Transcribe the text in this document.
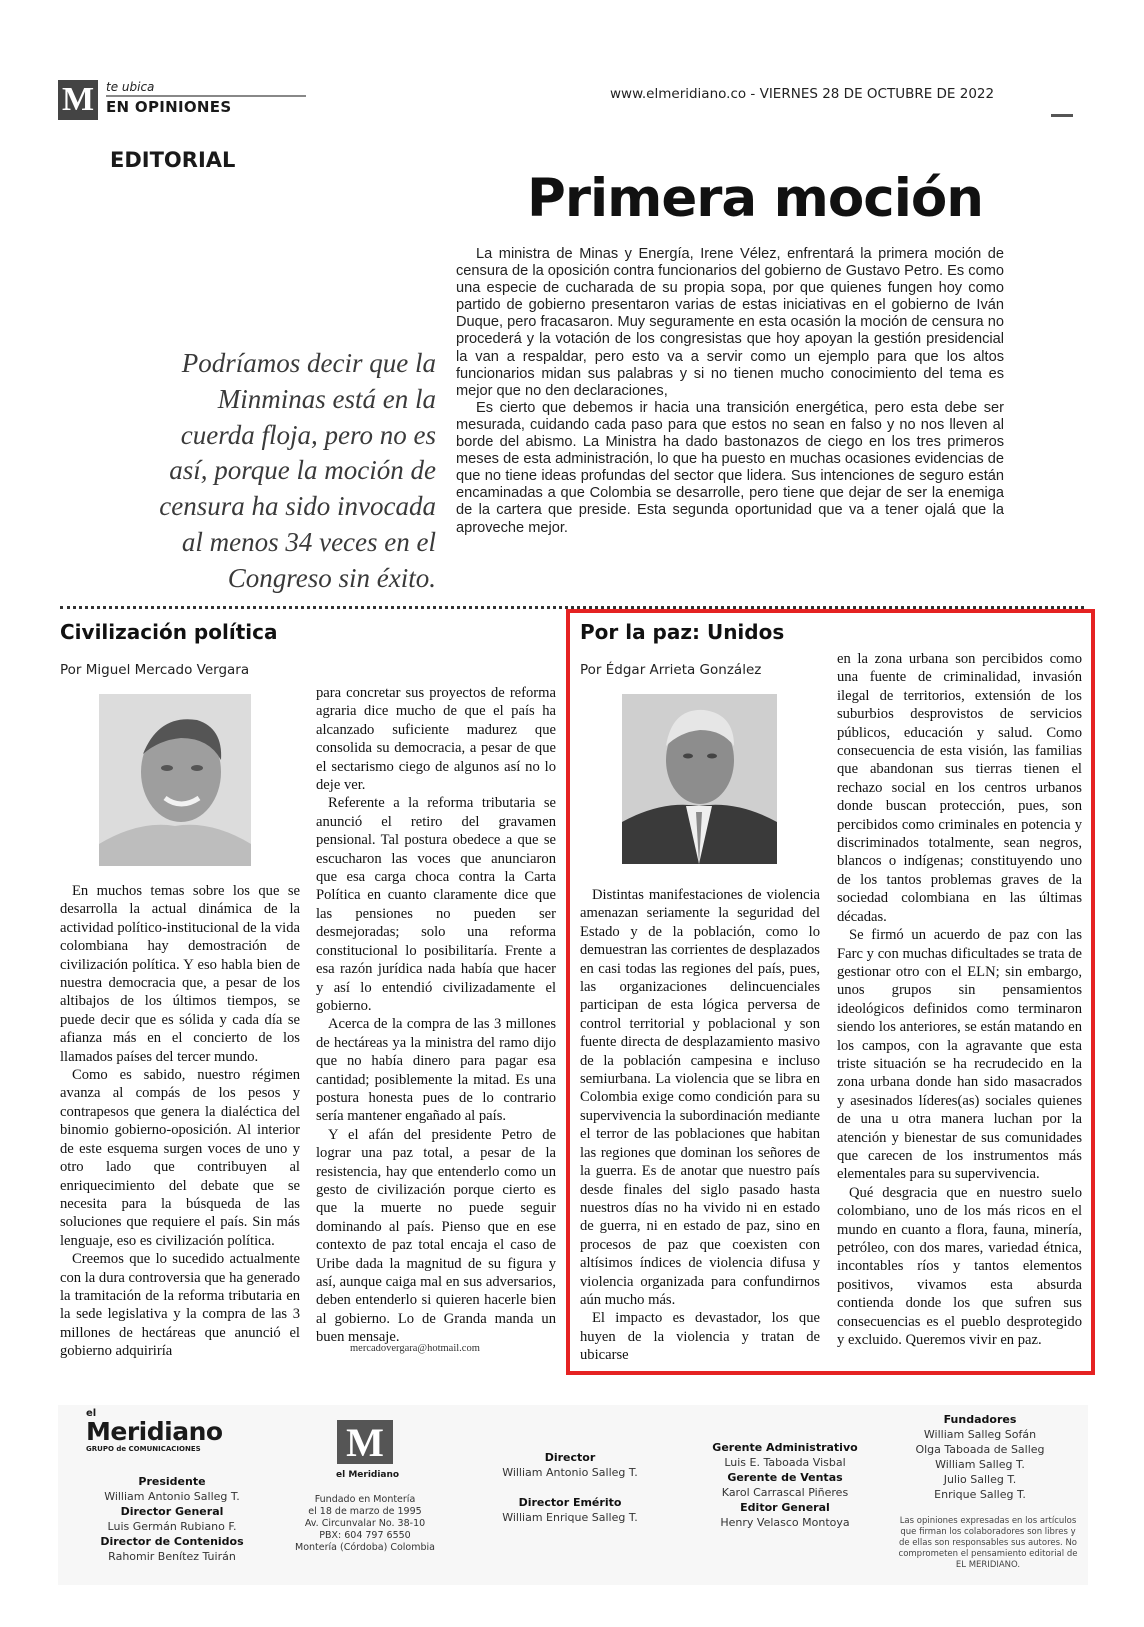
M te ubica
EN OPINIONES
www.elmeridiano.co - VIERNES 28 DE OCTUBRE DE 2022
EDITORIAL
Primera moción

La ministra de Minas y Energía, Irene Vélez, enfrentará la primera moción de censura de la oposición contra funcionarios del gobierno de Gustavo Petro. Es como una especie de cucharada de su propia sopa, por que quienes fungen hoy como partido de gobierno presentaron varias de estas iniciativas en el gobierno de Iván Duque, pero fracasaron. Muy seguramente en esta ocasión la moción de censura no procederá y la votación de los congresistas que hoy apoyan la gestión presidencial la van a respaldar, pero esto va a servir como un ejemplo para que los altos funcionarios midan sus palabras y si no tienen mucho conocimiento del tema es mejor que no den declaraciones,

Es cierto que debemos ir hacia una transición energética, pero esta debe ser mesurada, cuidando cada paso para que estos no sean en falso y no nos lleven al borde del abismo. La Ministra ha dado bastonazos de ciego en los tres primeros meses de esta administración, lo que ha puesto en muchas ocasiones evidencias de que no tiene ideas profundas del sector que lidera. Sus intenciones de seguro están encaminadas a que Colombia se desarrolle, pero tiene que dejar de ser la enemiga de la cartera que preside. Esta segunda oportunidad que va a tener ojalá que la aproveche mejor.

Podríamos decir que la Minminas está en la cuerda floja, pero no es así, porque la moción de censura ha sido invocada al menos 34 veces en el Congreso sin éxito.
Civilización política
Por Miguel Mercado Vergara

En muchos temas sobre los que se desarrolla la actual dinámica de la actividad político-institucional de la vida colombiana hay demostración de civilización política. Y eso habla bien de nuestra democracia que, a pesar de los altibajos de los últimos tiempos, se puede decir que es sólida y cada día se afianza más en el concierto de los llamados países del tercer mundo.

Como es sabido, nuestro régimen avanza al compás de los pesos y contrapesos que genera la dialéctica del binomio gobierno-oposición. Al interior de este esquema surgen voces de uno y otro lado que contribuyen al enriquecimiento del debate que se necesita para la búsqueda de las soluciones que requiere el país. Sin más lenguaje, eso es civilización política.

Creemos que lo sucedido actualmente con la dura controversia que ha generado la tramitación de la reforma tributaria en la sede legislativa y la compra de las 3 millones de hectáreas que anunció el gobierno adquiriría

para concretar sus proyectos de reforma agraria dice mucho de que el país ha alcanzado suficiente madurez que consolida su democracia, a pesar de que el sectarismo ciego de algunos así no lo deje ver.

Referente a la reforma tributaria se anunció el retiro del gravamen pensional. Tal postura obedece a que se escucharon las voces que anunciaron que esa carga choca contra la Carta Política en cuanto claramente dice que las pensiones no pueden ser desmejoradas; solo una reforma constitucional lo posibilitaría. Frente a esa razón jurídica nada había que hacer y así lo entendió civilizadamente el gobierno.

Acerca de la compra de las 3 millones de hectáreas ya la ministra del ramo dijo que no había dinero para pagar esa cantidad; posiblemente la mitad. Es una postura honesta pues de lo contrario sería mantener engañado al país.

Y el afán del presidente Petro de lograr una paz total, a pesar de la resistencia, hay que entenderlo como un gesto de civilización porque cierto es que la muerte no puede seguir dominando al país. Pienso que en ese contexto de paz total encaja el caso de Uribe dada la magnitud de su figura y así, aunque caiga mal en sus adversarios, deben entenderlo si quieren hacerle bien al gobierno. Lo de Granda manda un buen mensaje.

mercadovergara@hotmail.com
Por la paz: Unidos
Por Édgar Arrieta González

Distintas manifestaciones de violencia amenazan seriamente la seguridad del Estado y de la población, como lo demuestran las corrientes de desplazados en casi todas las regiones del país, pues, las organizaciones delincuenciales participan de esta lógica perversa de control territorial y poblacional y son fuente directa de desplazamiento masivo de la población campesina e incluso semiurbana. La violencia que se libra en Colombia exige como condición para su supervivencia la subordinación mediante el terror de las poblaciones que habitan las regiones que dominan los señores de la guerra. Es de anotar que nuestro país desde finales del siglo pasado hasta nuestros días no ha vivido ni en estado de guerra, ni en estado de paz, sino en procesos de paz que coexisten con altísimos índices de violencia difusa y violencia organizada para confundirnos aún mucho más.

El impacto es devastador, los que huyen de la violencia y tratan de ubicarse

en la zona urbana son percibidos como una fuente de criminalidad, invasión ilegal de territorios, extensión de los suburbios desprovistos de servicios públicos, educación y salud. Como consecuencia de esta visión, las familias que abandonan sus tierras tienen el rechazo social en los centros urbanos donde buscan protección, pues, son percibidos como criminales en potencia y discriminados totalmente, sean negros, blancos o indígenas; constituyendo uno de los tantos problemas graves de la sociedad colombiana en las últimas décadas.

Se firmó un acuerdo de paz con las Farc y con muchas dificultades se trata de gestionar otro con el ELN; sin embargo, unos grupos sin pensamientos ideológicos definidos como terminaron siendo los anteriores, se están matando en los campos, con la agravante que esta triste situación se ha recrudecido en la zona urbana donde han sido masacrados y asesinados líderes(as) sociales quienes de una u otra manera luchan por la atención y bienestar de sus comunidades que carecen de los instrumentos más elementales para su supervivencia.

Qué desgracia que en nuestro suelo colombiano, uno de los más ricos en el mundo en cuanto a flora, fauna, minería, petróleo, con dos mares, variedad étnica, incontables ríos y tantos elementos positivos, vivamos esta absurda contienda donde los que sufren sus consecuencias es el pueblo desprotegido y excluido. Queremos vivir en paz.

el
Meridiano
GRUPO de COMUNICACIONES
Presidente
William Antonio Salleg T.
Director General
Luis Germán Rubiano F.
Director de Contenidos
Rahomir Benítez Tuirán
M
el Meridiano
Fundado en Montería
el 18 de marzo de 1995
Av. Circunvalar No. 38-10
PBX: 604 797 6550
Montería (Córdoba) Colombia
Director
William Antonio Salleg T.

Director Emérito
William Enrique Salleg T.
Gerente Administrativo
Luis E. Taboada Visbal
Gerente de Ventas
Karol Carrascal Piñeres
Editor General
Henry Velasco Montoya
Fundadores
William Salleg Sofán
Olga Taboada de Salleg
William Salleg T.
Julio Salleg T.
Enrique Salleg T.
Las opiniones expresadas en los artículos que firman los colaboradores son libres y de ellas son responsables sus autores. No comprometen el pensamiento editorial de EL MERIDIANO.
